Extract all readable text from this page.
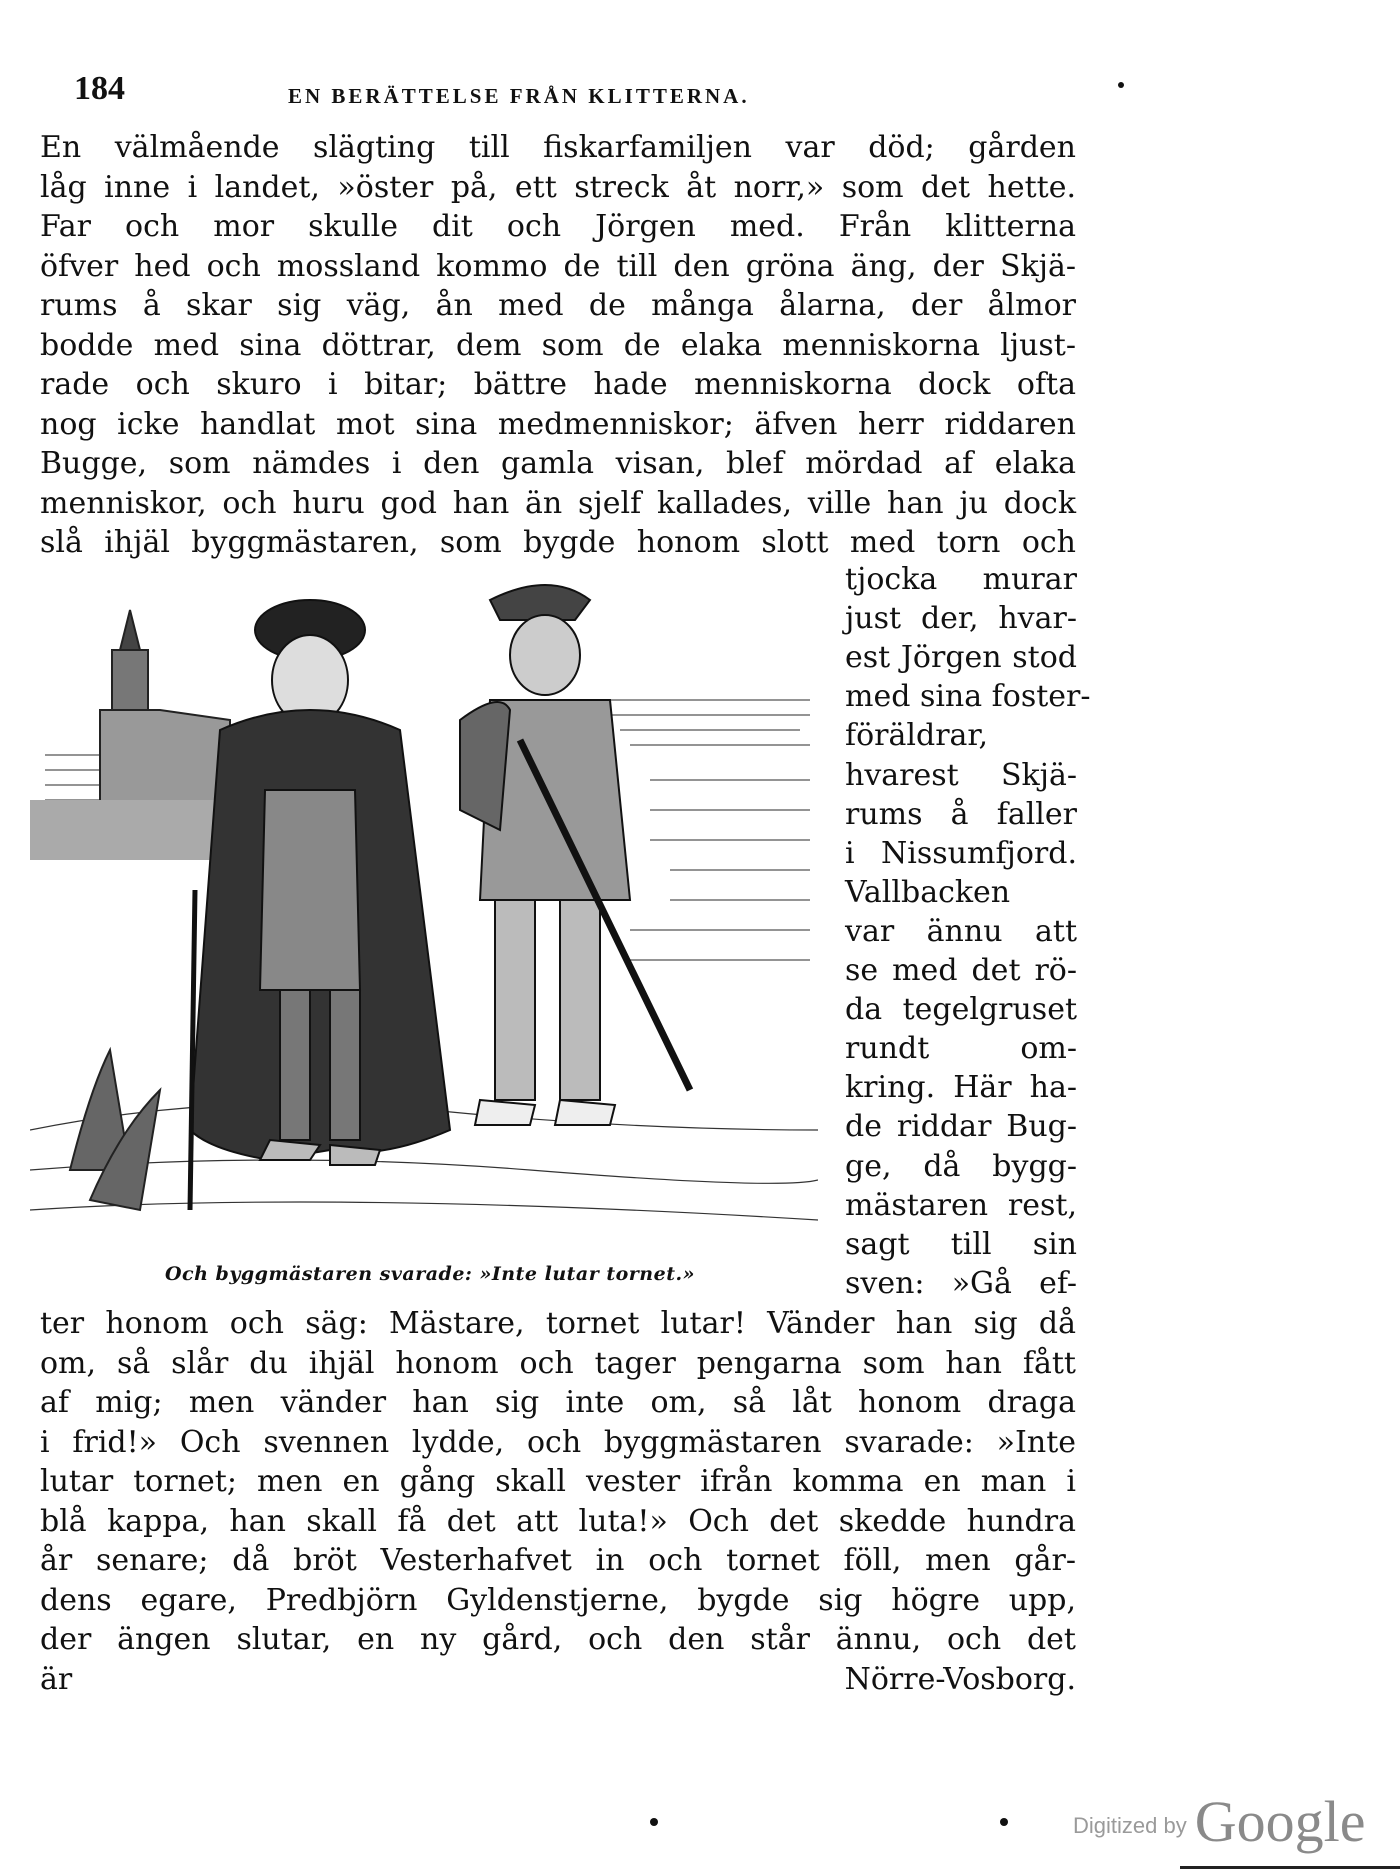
184	EN BERÄTTELSE FRÅN KLITTERNA.
En välmående slägting till fiskarfamiljen var död; gården
låg inne i landet, »öster på, ett streck åt norr,» som det hette.
Far och mor skulle dit och Jörgen med. Från klitterna
öfver hed och mossland kommo de till den gröna äng, der Skjä-
rums å skar sig väg, ån med de många ålarna, der ålmor
bodde med sina döttrar, dem som de elaka menniskorna ljust-
rade och skuro i bitar; bättre hade menniskorna dock ofta
nog icke handlat mot sina medmenniskor; äfven herr riddaren
Bugge, som nämdes i den gamla visan, blef mördad af elaka
menniskor, och huru god han än sjelf kallades, ville han ju dock
slå ihjäl byggmästaren, som bygde honom slott med torn och
Och byggmästaren svarade: »Inte lutar tornet.»
tjocka murar
just der, hvar-
est Jörgen stod
med sina foster-
föräldrar,
hvarest Skjä-
rums å faller
i Nissumfjord.
Vallbacken
var ännu att
se med det rö-
da tegelgruset
rundt om-
kring. Här ha-
de riddar Bug-
ge, då bygg-
mästaren rest,
sagt till sin
sven: »Gå ef-
ter honom och säg: Mästare, tornet lutar! Vänder han sig då
om, så slår du ihjäl honom och tager pengarna som han fått
af mig; men vänder han sig inte om, så låt honom draga
i frid!» Och svennen lydde, och byggmästaren svarade: »Inte
lutar tornet; men en gång skall vester ifrån komma en man i
blå kappa, han skall få det att luta!» Och det skedde hundra
år senare; då bröt Vesterhafvet in och tornet föll, men går-
dens egare, Predbjörn Gyldenstjerne, bygde sig högre upp,
der ängen slutar, en ny gård, och den står ännu, och det
är Nörre-Vosborg.
Digitized by Google
